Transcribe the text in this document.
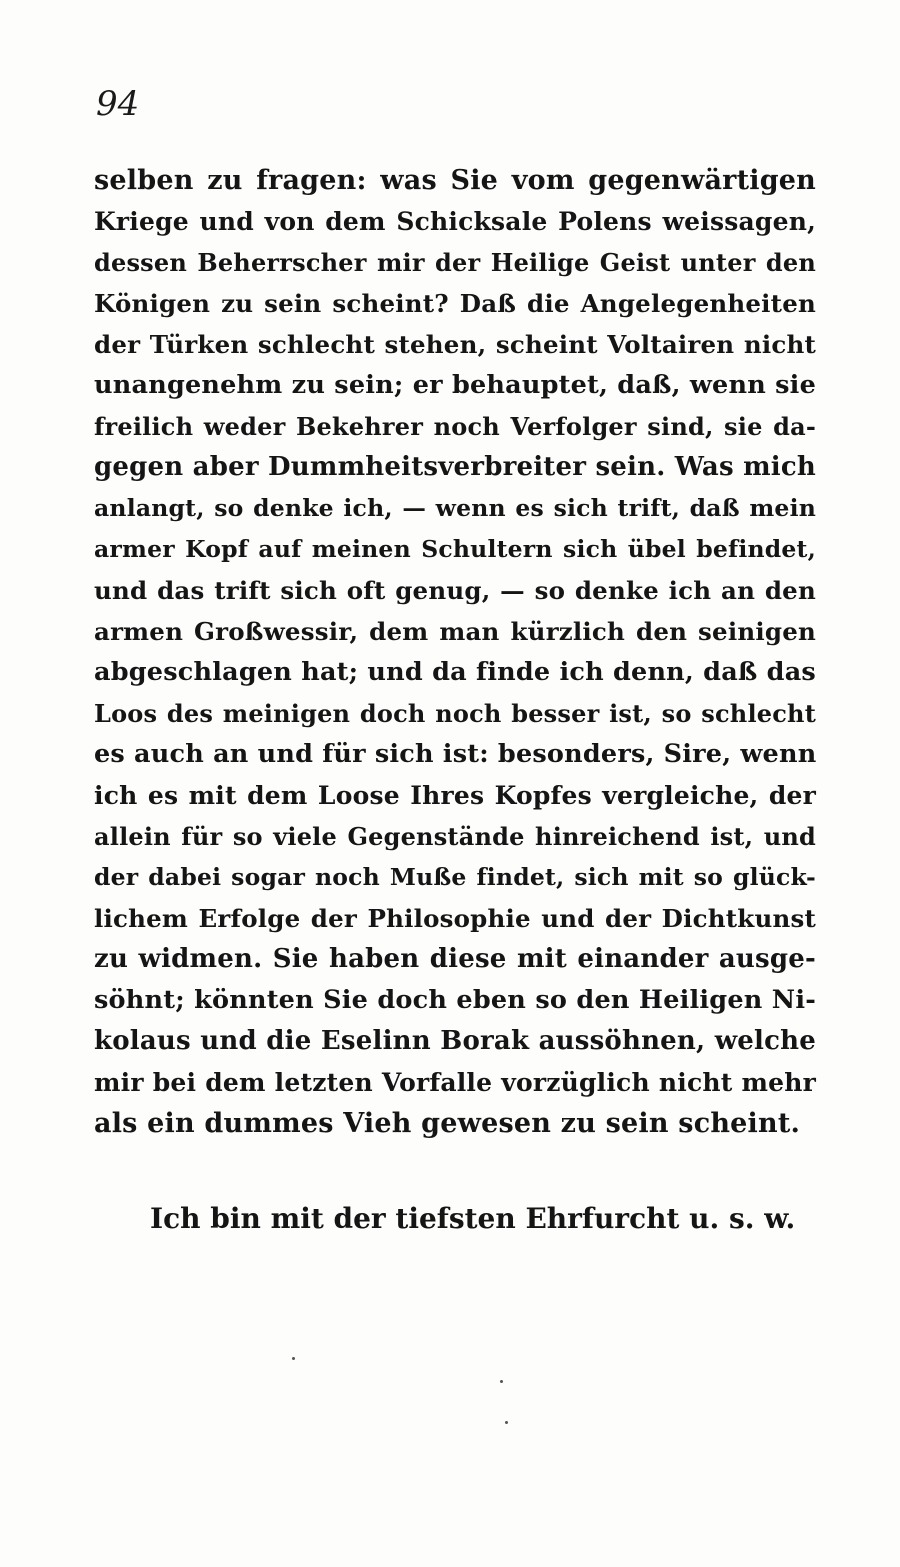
94
selben zu fragen: was Sie vom gegenwärtigen
Kriege und von dem Schicksale Polens weissagen,
dessen Beherrscher mir der Heilige Geist unter den
Königen zu sein scheint? Daß die Angelegenheiten
der Türken schlecht stehen, scheint Voltairen nicht
unangenehm zu sein; er behauptet, daß, wenn sie
freilich weder Bekehrer noch Verfolger sind, sie da-
gegen aber Dummheitsverbreiter sein. Was mich
anlangt, so denke ich, — wenn es sich trift, daß mein
armer Kopf auf meinen Schultern sich übel befindet,
und das trift sich oft genug, — so denke ich an den
armen Großwessir, dem man kürzlich den seinigen
abgeschlagen hat; und da finde ich denn, daß das
Loos des meinigen doch noch besser ist, so schlecht
es auch an und für sich ist: besonders, Sire, wenn
ich es mit dem Loose Ihres Kopfes vergleiche, der
allein für so viele Gegenstände hinreichend ist, und
der dabei sogar noch Muße findet, sich mit so glück-
lichem Erfolge der Philosophie und der Dichtkunst
zu widmen. Sie haben diese mit einander ausge-
söhnt; könnten Sie doch eben so den Heiligen Ni-
kolaus und die Eselinn Borak aussöhnen, welche
mir bei dem letzten Vorfalle vorzüglich nicht mehr
als ein dummes Vieh gewesen zu sein scheint.
Ich bin mit der tiefsten Ehrfurcht u. s. w.
